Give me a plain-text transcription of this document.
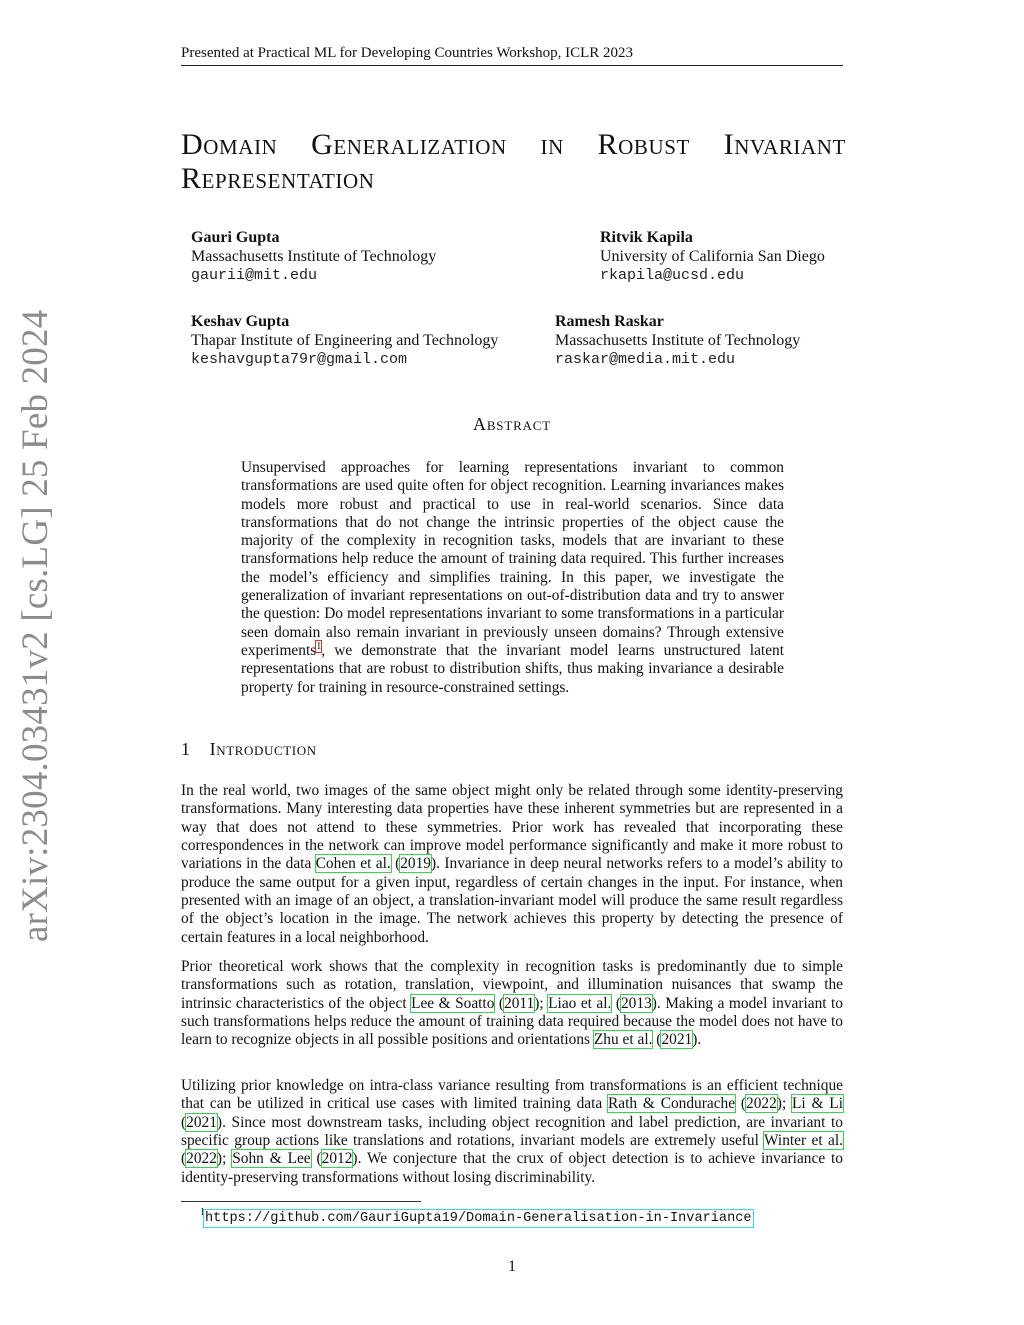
Presented at Practical ML for Developing Countries Workshop, ICLR 2023
arXiv:2304.03431v2 [cs.LG] 25 Feb 2024
Domain Generalization in Robust Invariant Representation
Gauri Gupta
Massachusetts Institute of Technology
gaurii@mit.edu
Ritvik Kapila
University of California San Diego
rkapila@ucsd.edu
Keshav Gupta
Thapar Institute of Engineering and Technology
keshavgupta79r@gmail.com
Ramesh Raskar
Massachusetts Institute of Technology
raskar@media.mit.edu
Abstract
Unsupervised approaches for learning representations invariant to common transformations are used quite often for object recognition. Learning invariances makes models more robust and practical to use in real-world scenarios. Since data transformations that do not change the intrinsic properties of the object cause the majority of the complexity in recognition tasks, models that are invariant to these transformations help reduce the amount of training data required. This further increases the model’s efficiency and simplifies training. In this paper, we investigate the generalization of invariant representations on out-of-distribution data and try to answer the question: Do model representations invariant to some transformations in a particular seen domain also remain invariant in previously unseen domains? Through extensive experiments$^1$, we demonstrate that the invariant model learns unstructured latent representations that are robust to distribution shifts, thus making invariance a desirable property for training in resource-constrained settings.
1 Introduction
In the real world, two images of the same object might only be related through some identity-preserving transformations. Many interesting data properties have these inherent symmetries but are represented in a way that does not attend to these symmetries. Prior work has revealed that incorporating these correspondences in the network can improve model performance significantly and make it more robust to variations in the data Cohen et al. (2019). Invariance in deep neural networks refers to a model’s ability to produce the same output for a given input, regardless of certain changes in the input. For instance, when presented with an image of an object, a translation-invariant model will produce the same result regardless of the object’s location in the image. The network achieves this property by detecting the presence of certain features in a local neighborhood.
Prior theoretical work shows that the complexity in recognition tasks is predominantly due to simple transformations such as rotation, translation, viewpoint, and illumination nuisances that swamp the intrinsic characteristics of the object Lee & Soatto (2011); Liao et al. (2013). Making a model invariant to such transformations helps reduce the amount of training data required because the model does not have to learn to recognize objects in all possible positions and orientations Zhu et al. (2021).
Utilizing prior knowledge on intra-class variance resulting from transformations is an efficient technique that can be utilized in critical use cases with limited training data Rath & Condurache (2022); Li & Li (2021). Since most downstream tasks, including object recognition and label prediction, are invariant to specific group actions like translations and rotations, invariant models are extremely useful Winter et al. (2022); Sohn & Lee (2012). We conjecture that the crux of object detection is to achieve invariance to identity-preserving transformations without losing discriminability.
$^1$https://github.com/GauriGupta19/Domain-Generalisation-in-Invariance
1
